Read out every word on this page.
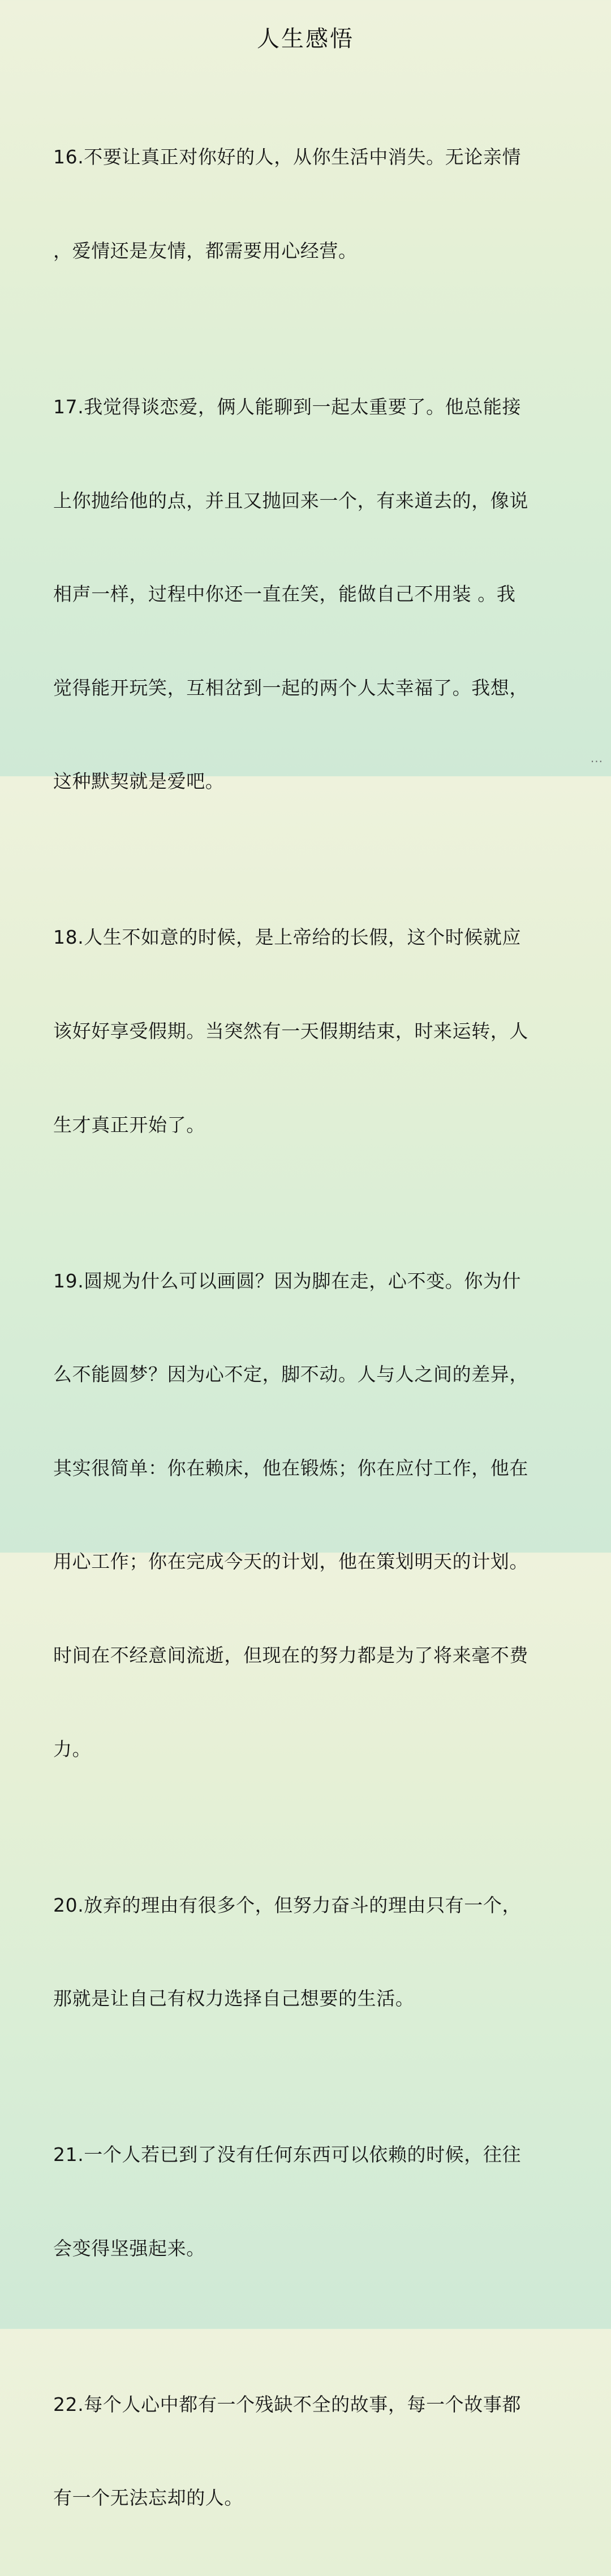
人生感悟

16.不要让真正对你好的人，从你生活中消失。无论亲情

，爱情还是友情，都需要用心经营。

17.我觉得谈恋爱，俩人能聊到一起太重要了。他总能接

上你抛给他的点，并且又抛回来一个，有来道去的，像说

相声一样，过程中你还一直在笑，能做自己不用装 。我

觉得能开玩笑，互相岔到一起的两个人太幸福了。我想，

这种默契就是爱吧。

18.人生不如意的时候，是上帝给的长假，这个时候就应

该好好享受假期。当突然有一天假期结束，时来运转，人

生才真正开始了。

19.圆规为什么可以画圆？因为脚在走，心不变。你为什

么不能圆梦？因为心不定，脚不动。人与人之间的差异，

其实很简单：你在赖床，他在锻炼；你在应付工作，他在

用心工作；你在完成今天的计划，他在策划明天的计划。

时间在不经意间流逝，但现在的努力都是为了将来毫不费

力。

20.放弃的理由有很多个，但努力奋斗的理由只有一个，

那就是让自己有权力选择自己想要的生活。

21.一个人若已到了没有任何东西可以依赖的时候，往往

会变得坚强起来。

22.每个人心中都有一个残缺不全的故事，每一个故事都

有一个无法忘却的人。

···
